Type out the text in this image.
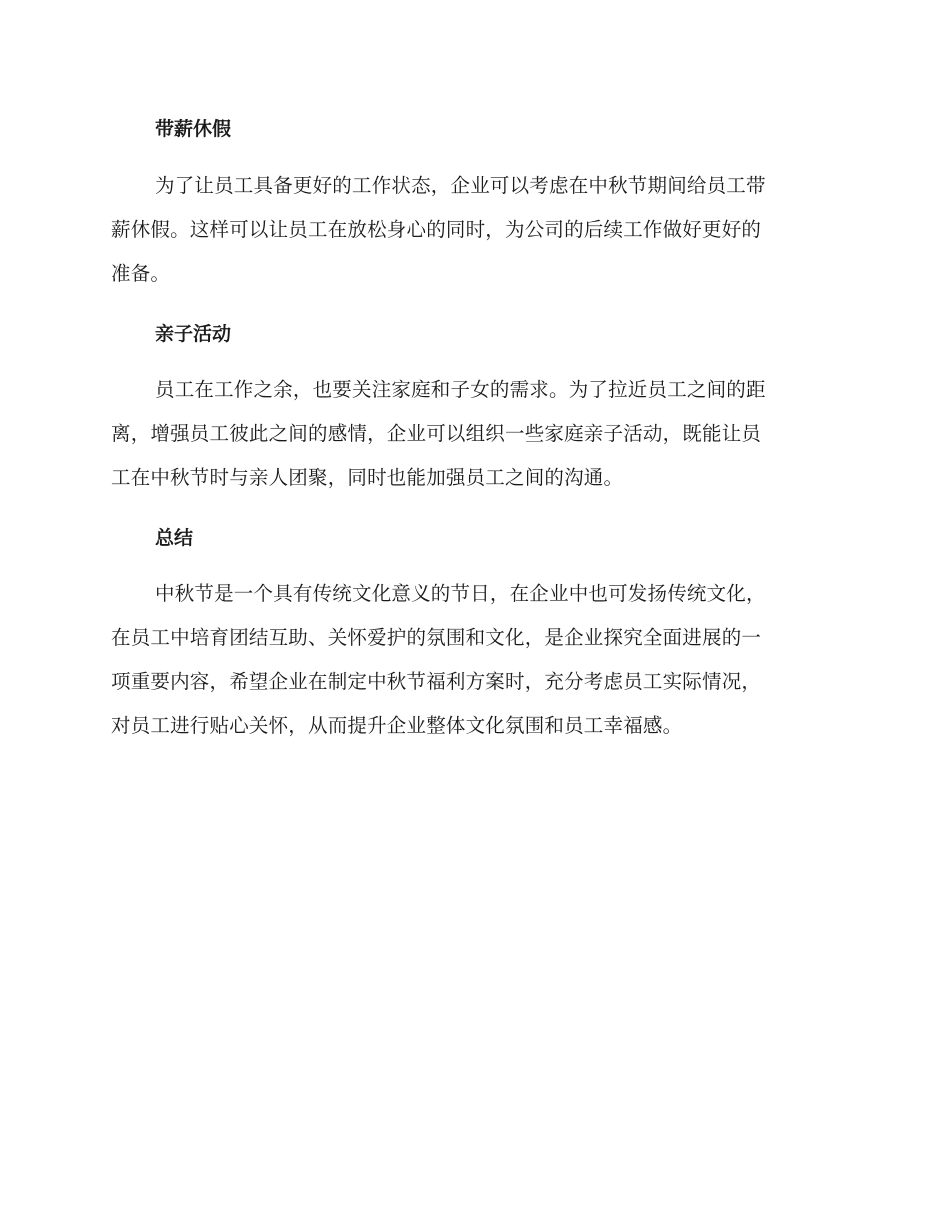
带薪休假

为了让员工具备更好的工作状态，企业可以考虑在中秋节期间给员工带
薪休假。这样可以让员工在放松身心的同时，为公司的后续工作做好更好的
准备。

亲子活动

员工在工作之余，也要关注家庭和子女的需求。为了拉近员工之间的距
离，增强员工彼此之间的感情，企业可以组织一些家庭亲子活动，既能让员
工在中秋节时与亲人团聚，同时也能加强员工之间的沟通。

总结

中秋节是一个具有传统文化意义的节日，在企业中也可发扬传统文化，
在员工中培育团结互助、关怀爱护的氛围和文化，是企业探究全面进展的一
项重要内容，希望企业在制定中秋节福利方案时，充分考虑员工实际情况，
对员工进行贴心关怀，从而提升企业整体文化氛围和员工幸福感。
